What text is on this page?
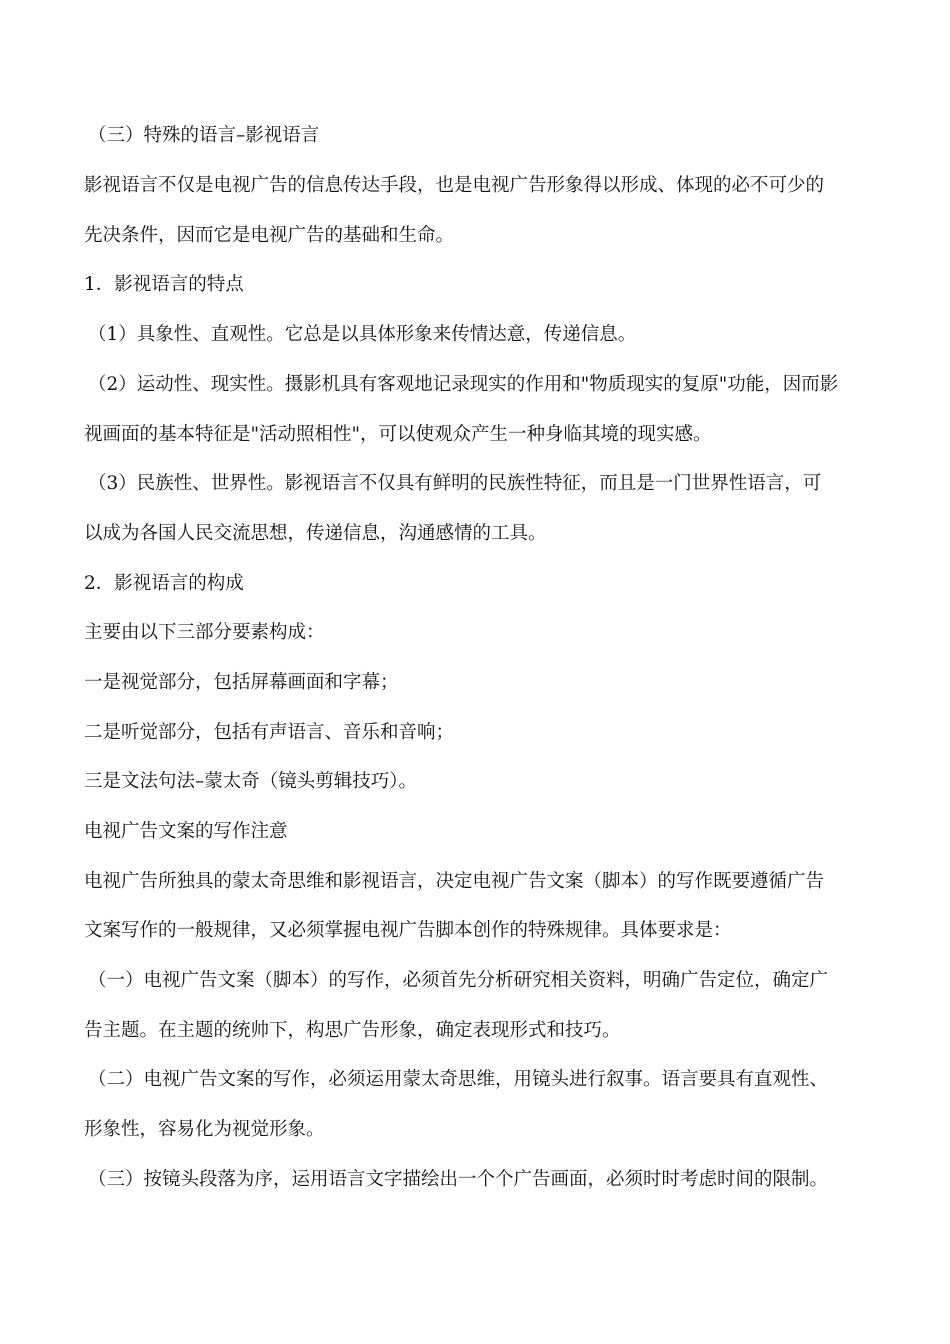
（三）特殊的语言–影视语言
影视语言不仅是电视广告的信息传达手段，也是电视广告形象得以形成、体现的必不可少的
先决条件，因而它是电视广告的基础和生命。
1．影视语言的特点
（1）具象性、直观性。它总是以具体形象来传情达意，传递信息。
（2）运动性、现实性。摄影机具有客观地记录现实的作用和"物质现实的复原"功能，因而影
视画面的基本特征是"活动照相性"，可以使观众产生一种身临其境的现实感。
（3）民族性、世界性。影视语言不仅具有鲜明的民族性特征，而且是一门世界性语言，可
以成为各国人民交流思想，传递信息，沟通感情的工具。
2．影视语言的构成
主要由以下三部分要素构成：
一是视觉部分，包括屏幕画面和字幕；
二是听觉部分，包括有声语言、音乐和音响；
三是文法句法–蒙太奇（镜头剪辑技巧）。
电视广告文案的写作注意
电视广告所独具的蒙太奇思维和影视语言，决定电视广告文案（脚本）的写作既要遵循广告
文案写作的一般规律，又必须掌握电视广告脚本创作的特殊规律。具体要求是：
（一）电视广告文案（脚本）的写作，必须首先分析研究相关资料，明确广告定位，确定广
告主题。在主题的统帅下，构思广告形象，确定表现形式和技巧。
（二）电视广告文案的写作，必须运用蒙太奇思维，用镜头进行叙事。语言要具有直观性、
形象性，容易化为视觉形象。
（三）按镜头段落为序，运用语言文字描绘出一个个广告画面，必须时时考虑时间的限制。
